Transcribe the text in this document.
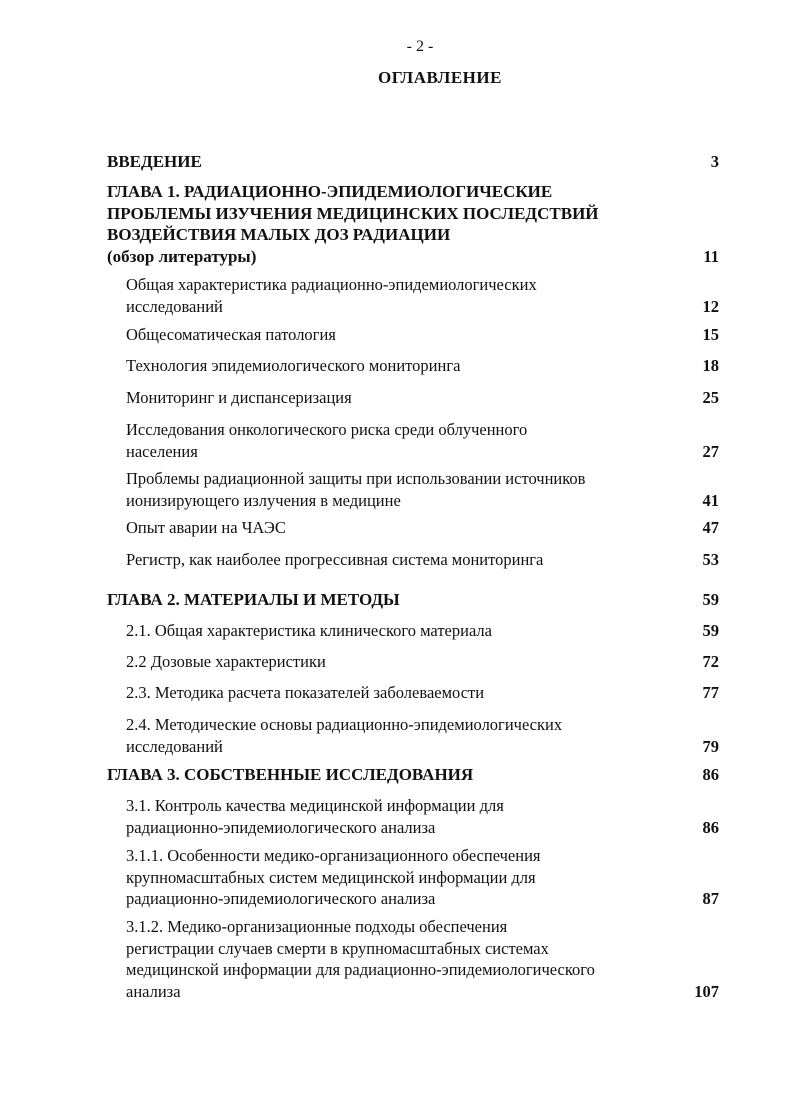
- 2 -
ОГЛАВЛЕНИЕ
ВВЕДЕНИЕ	3
ГЛАВА 1. РАДИАЦИОННО-ЭПИДЕМИОЛОГИЧЕСКИЕ
ПРОБЛЕМЫ ИЗУЧЕНИЯ МЕДИЦИНСКИХ ПОСЛЕДСТВИЙ
ВОЗДЕЙСТВИЯ МАЛЫХ ДОЗ РАДИАЦИИ
(обзор литературы)	11
Общая характеристика радиационно-эпидемиологических
исследований	12
Общесоматическая патология	15
Технология эпидемиологического мониторинга	18
Мониторинг и диспансеризация	25
Исследования онкологического риска среди облученного
населения	27
Проблемы радиационной защиты при использовании источников
ионизирующего излучения в медицине	41
Опыт аварии на ЧАЭС	47
Регистр, как наиболее прогрессивная система мониторинга	53
ГЛАВА 2. МАТЕРИАЛЫ И МЕТОДЫ	59
2.1. Общая характеристика клинического материала	59
2.2 Дозовые характеристики	72
2.3. Методика расчета показателей заболеваемости	77
2.4. Методические основы радиационно-эпидемиологических
исследований	79
ГЛАВА 3. СОБСТВЕННЫЕ ИССЛЕДОВАНИЯ	86
3.1. Контроль качества медицинской информации для
радиационно-эпидемиологического анализа	86
3.1.1. Особенности медико-организационного обеспечения
крупномасштабных систем медицинской информации для
радиационно-эпидемиологического анализа	87
3.1.2. Медико-организационные подходы обеспечения
регистрации случаев смерти в крупномасштабных системах
медицинской информации для радиационно-эпидемиологического
анализа	107
